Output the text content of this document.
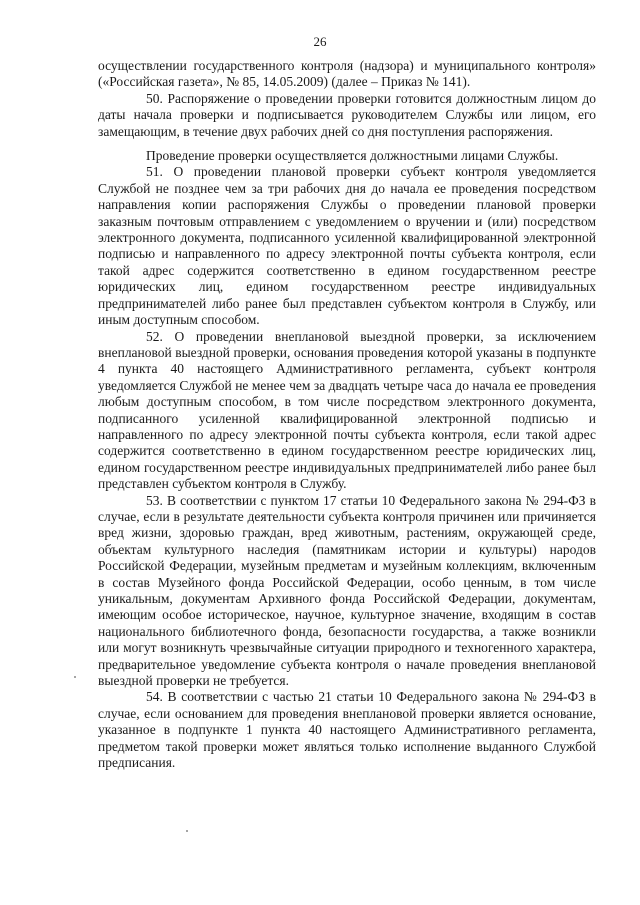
26

осуществлении государственного контроля (надзора) и муниципального контроля» («Российская газета», № 85, 14.05.2009) (далее – Приказ № 141).

50. Распоряжение о проведении проверки готовится должностным лицом до даты начала проверки и подписывается руководителем Службы или лицом, его замещающим, в течение двух рабочих дней со дня поступления распоряжения.

Проведение проверки осуществляется должностными лицами Службы.

51. О проведении плановой проверки субъект контроля уведомляется Службой не позднее чем за три рабочих дня до начала ее проведения посредством направления копии распоряжения Службы о проведении плановой проверки заказным почтовым отправлением с уведомлением о вручении и (или) посредством электронного документа, подписанного усиленной квалифицированной электронной подписью и направленного по адресу электронной почты субъекта контроля, если такой адрес содержится соответственно в едином государственном реестре юридических лиц, едином государственном реестре индивидуальных предпринимателей либо ранее был представлен субъектом контроля в Службу, или иным доступным способом.

52. О проведении внеплановой выездной проверки, за исключением внеплановой выездной проверки, основания проведения которой указаны в подпункте 4 пункта 40 настоящего Административного регламента, субъект контроля уведомляется Службой не менее чем за двадцать четыре часа до начала ее проведения любым доступным способом, в том числе посредством электронного документа, подписанного усиленной квалифицированной электронной подписью и направленного по адресу электронной почты субъекта контроля, если такой адрес содержится соответственно в едином государственном реестре юридических лиц, едином государственном реестре индивидуальных предпринимателей либо ранее был представлен субъектом контроля в Службу.

53. В соответствии с пунктом 17 статьи 10 Федерального закона № 294-ФЗ в случае, если в результате деятельности субъекта контроля причинен или причиняется вред жизни, здоровью граждан, вред животным, растениям, окружающей среде, объектам культурного наследия (памятникам истории и культуры) народов Российской Федерации, музейным предметам и музейным коллекциям, включенным в состав Музейного фонда Российской Федерации, особо ценным, в том числе уникальным, документам Архивного фонда Российской Федерации, документам, имеющим особое историческое, научное, культурное значение, входящим в состав национального библиотечного фонда, безопасности государства, а также возникли или могут возникнуть чрезвычайные ситуации природного и техногенного характера, предварительное уведомление субъекта контроля о начале проведения внеплановой выездной проверки не требуется.

54. В соответствии с частью 21 статьи 10 Федерального закона № 294-ФЗ в случае, если основанием для проведения внеплановой проверки является основание, указанное в подпункте 1 пункта 40 настоящего Административного регламента, предметом такой проверки может являться только исполнение выданного Службой предписания.
